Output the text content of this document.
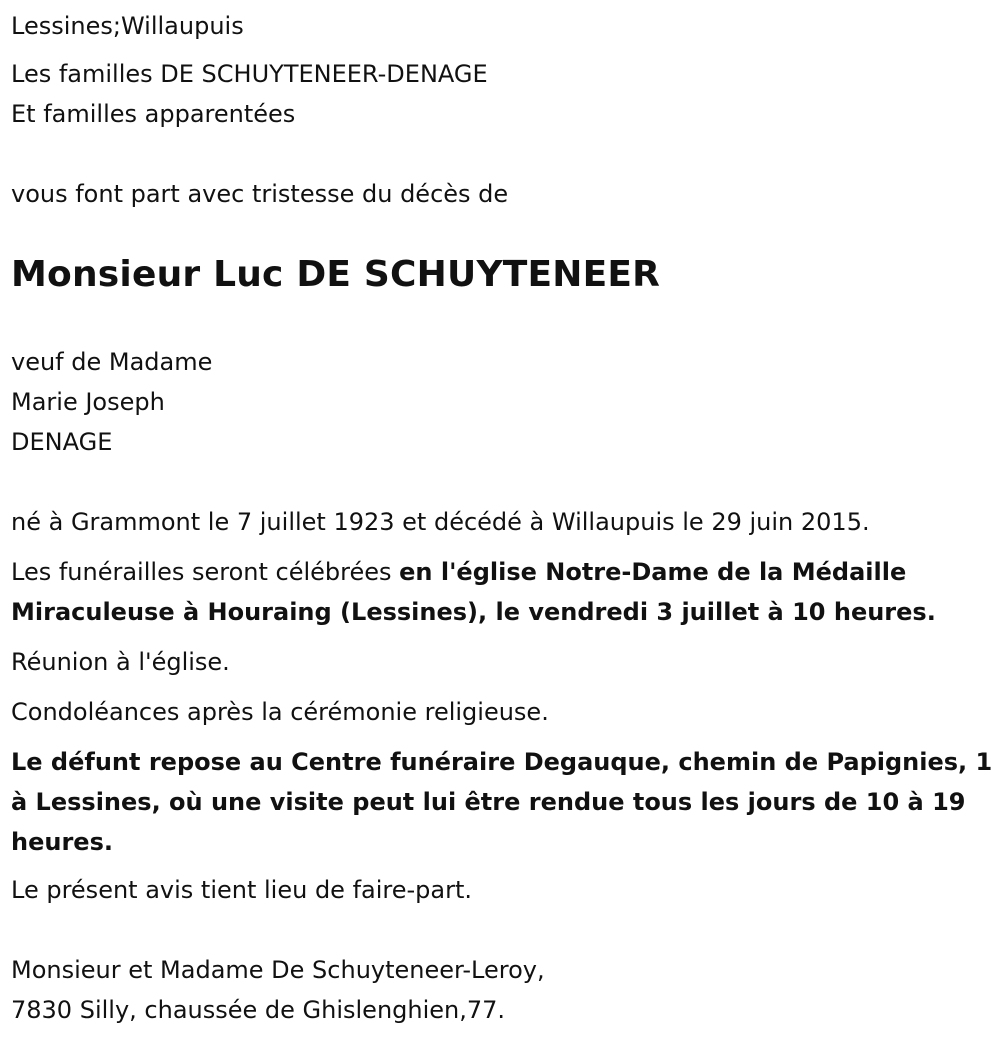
Lessines;Willaupuis
Les familles DE SCHUYTENEER-DENAGE
Et familles apparentées
vous font part avec tristesse du décès de
Monsieur Luc DE SCHUYTENEER
veuf de Madame
Marie Joseph
DENAGE
né à Grammont le 7 juillet 1923 et décédé à Willaupuis le 29 juin 2015.
Les funérailles seront célébrées en l'église Notre-Dame de la Médaille Miraculeuse à Houraing (Lessines), le vendredi 3 juillet à 10 heures.
Réunion à l'église.
Condoléances après la cérémonie religieuse.
Le défunt repose au Centre funéraire Degauque, chemin de Papignies, 1 à Lessines, où une visite peut lui être rendue tous les jours de 10 à 19 heures.
Le présent avis tient lieu de faire-part.
Monsieur et Madame De Schuyteneer-Leroy,
7830 Silly, chaussée de Ghislenghien,77.
